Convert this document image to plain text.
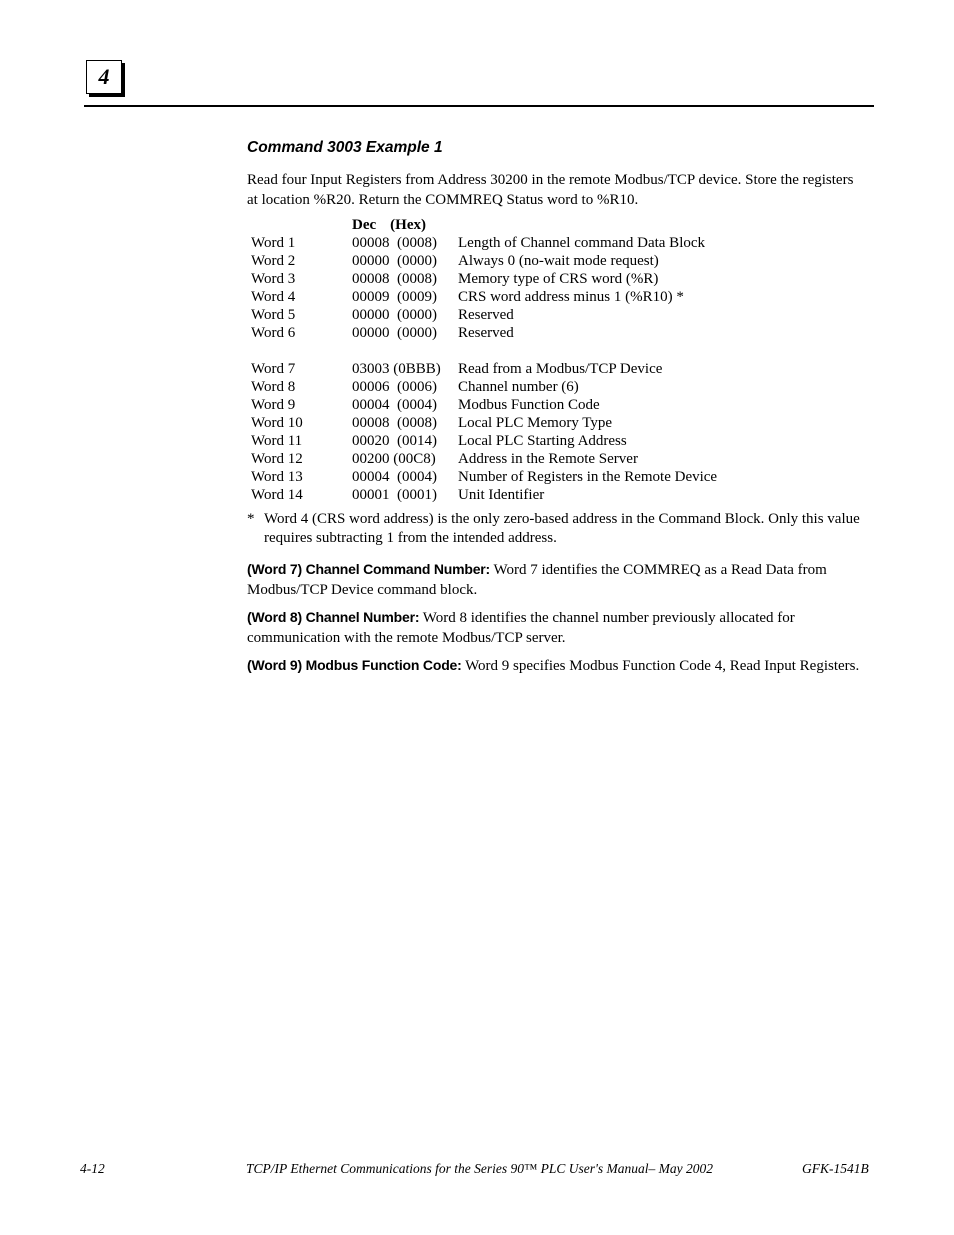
4
Command 3003 Example 1
Read four Input Registers from Address 30200 in the remote Modbus/TCP device. Store the registers at location %R20. Return the COMMREQ Status word to %R10.
Dec (Hex)
Word 1	00008  (0008)	Length of Channel command Data Block
Word 2	00000  (0000)	Always 0 (no-wait mode request)
Word 3	00008  (0008)	Memory type of CRS word (%R)
Word 4	00009  (0009)	CRS word address minus 1 (%R10) *
Word 5	00000  (0000)	Reserved
Word 6	00000  (0000)	Reserved
Word 7	03003 (0BBB)	Read from a Modbus/TCP Device
Word 8	00006  (0006)	Channel number (6)
Word 9	00004  (0004)	Modbus Function Code
Word 10	00008  (0008)	Local PLC Memory Type
Word 11	00020  (0014)	Local PLC Starting Address
Word 12	00200 (00C8)	Address in the Remote Server
Word 13	00004  (0004)	Number of Registers in the Remote Device
Word 14	00001  (0001)	Unit Identifier
* Word 4 (CRS word address) is the only zero-based address in the Command Block. Only this value requires subtracting 1 from the intended address.
(Word 7) Channel Command Number: Word 7 identifies the COMMREQ as a Read Data from Modbus/TCP Device command block.
(Word 8) Channel Number: Word 8 identifies the channel number previously allocated for communication with the remote Modbus/TCP server.
(Word 9) Modbus Function Code: Word 9 specifies Modbus Function Code 4, Read Input Registers.
4-12	TCP/IP Ethernet Communications for the Series 90™ PLC User's Manual– May 2002	GFK-1541B
